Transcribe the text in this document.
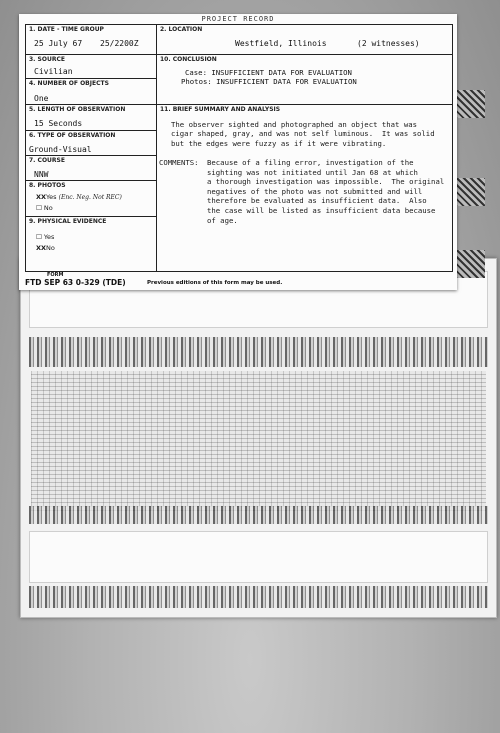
PROJECT RECORD
1. DATE - TIME GROUP
25 July 67 25/2200Z
3. SOURCE
Civilian
4. NUMBER OF OBJECTS
One
5. LENGTH OF OBSERVATION
15 Seconds
6. TYPE OF OBSERVATION
Ground-Visual
7. COURSE
NNW
8. PHOTOS
XXYes (Enc. Neg. Not REC)
☐ No
9. PHYSICAL EVIDENCE
☐ Yes
XXNo
2. LOCATION
Westfield, Illinois	(2 witnesses)
10. CONCLUSION
Case: INSUFFICIENT DATA FOR EVALUATION
Photos: INSUFFICIENT DATA FOR EVALUATION
11. BRIEF SUMMARY AND ANALYSIS
The observer sighted and photographed an object that was
cigar shaped, gray, and was not self luminous.  It was solid
but the edges were fuzzy as if it were vibrating.
COMMENTS: Because of a filing error, investigation of the
sighting was not initiated until Jan 68 at which
a thorough investigation was impossible.  The original
negatives of the photo was not submitted and will
therefore be evaluated as insufficient data.  Also
the case will be listed as insufficient data because
of age.
FORM
FTD SEP 63 0-329 (TDE)	Previous editions of this form may be used.
